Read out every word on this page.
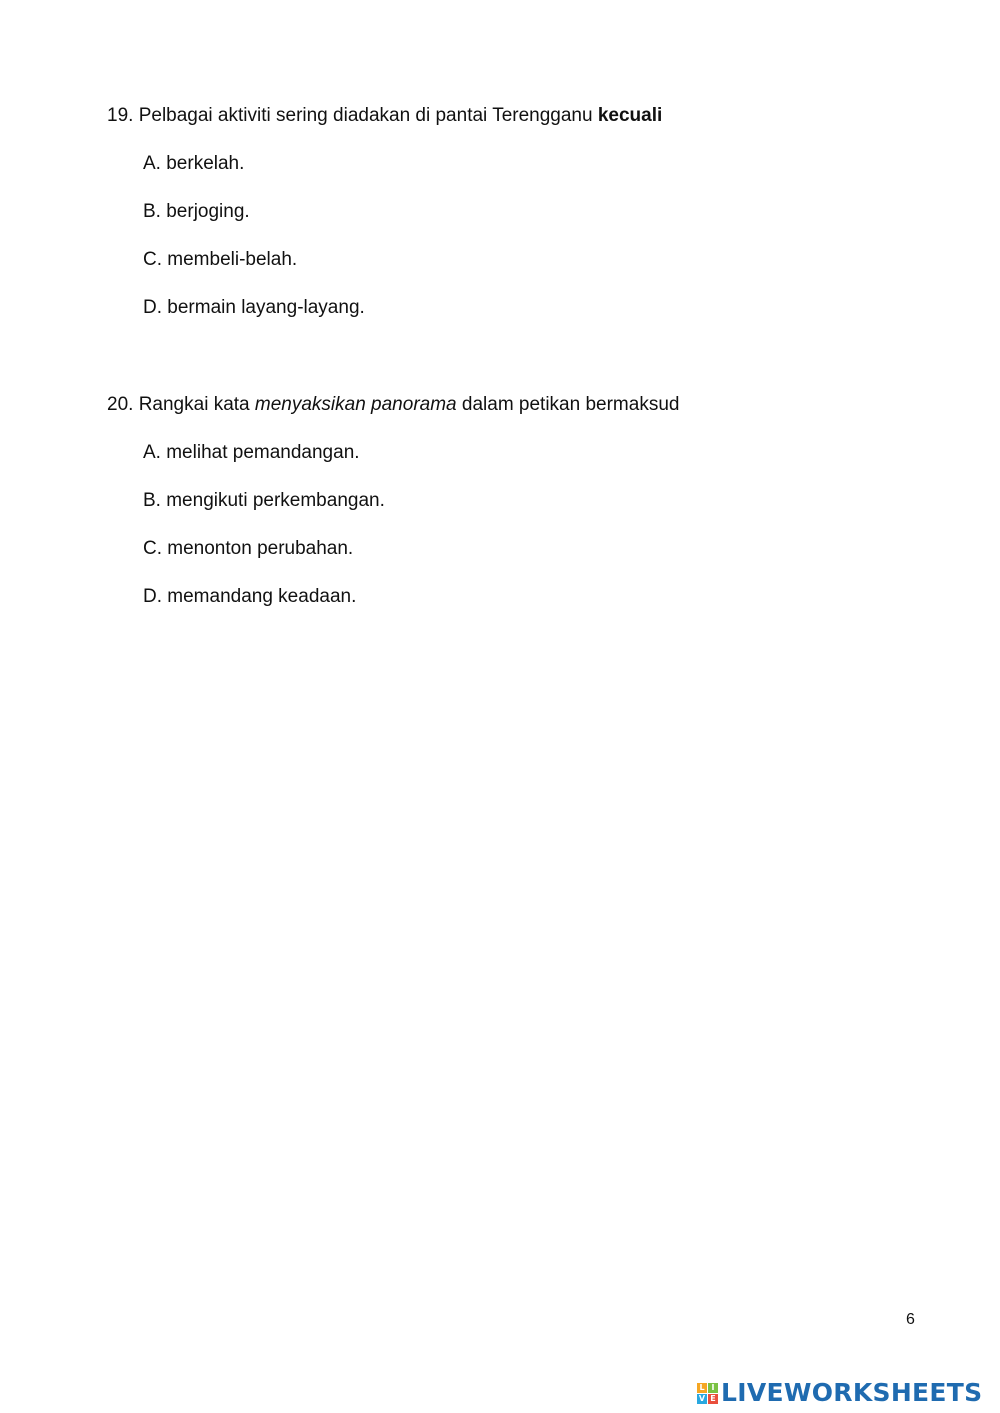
19. Pelbagai aktiviti sering diadakan di pantai Terengganu kecuali
A. berkelah.
B. berjoging.
C. membeli-belah.
D. bermain layang-layang.
20. Rangkai kata menyaksikan panorama dalam petikan bermaksud
A. melihat pemandangan.
B. mengikuti perkembangan.
C. menonton perubahan.
D. memandang keadaan.
6
L I
V E LIVEWORKSHEETS
